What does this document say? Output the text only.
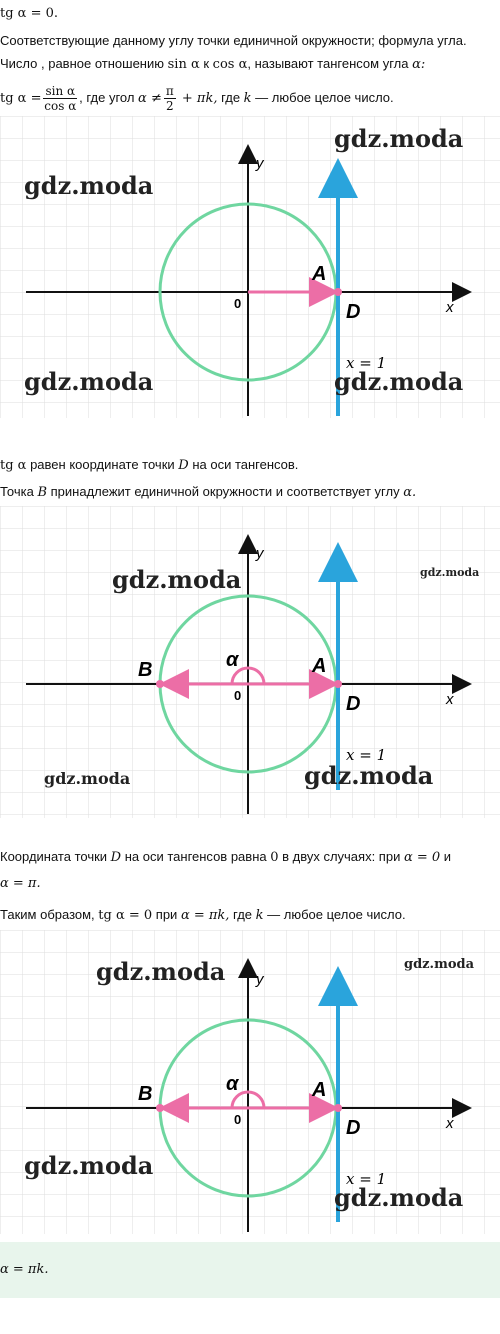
tg α = 0.
Соответствующие данному углу точки единичной окружности; формула угла.
Число , равное отношению sin α к cos α, называют тангенсом угла α:
tg $\alpha = \frac{\text{sin α}}{\text{cos α}}$ , где угол $\alpha \ne \frac{\pi}{2} + \pi k$, где k — любое целое число.
tg α равен координате точки D на оси тангенсов.
Точка B принадлежит единичной окружности и соответствует углу α.
Координата точки D на оси тангенсов равна 0 в двух случаях: при α = 0 и
α = π.
Таким образом, tg α = 0 при α = πk, где k — любое целое число.
α = πk.
y
x
0
A
D
x = 1
gdz.moda
gdz.moda
gdz.moda	gdz.moda
y
x
0
α	A
B
D
x = 1
gdz.moda	gdz.moda
gdz.moda	gdz.moda
y
x
0
α	A
B
D
x = 1
gdz.moda	gdz.moda
gdz.moda
gdz.moda
